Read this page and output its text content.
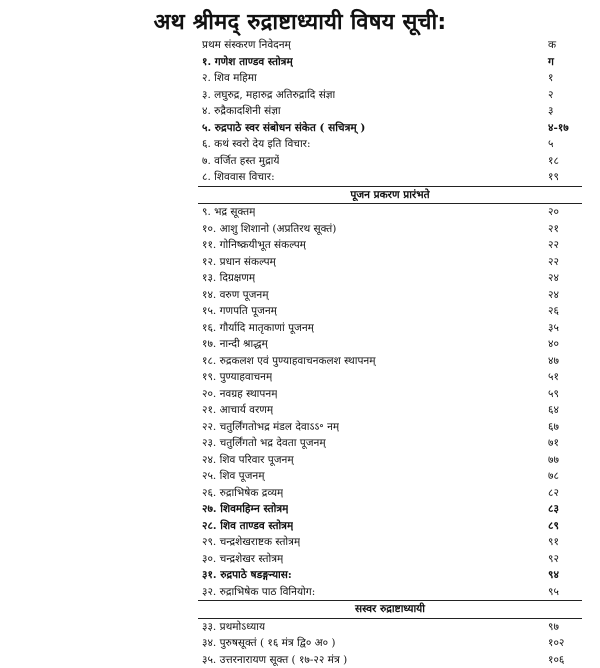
अथ श्रीमद् रुद्राष्टाध्यायी विषय सूची:
प्रथम संस्करण निवेदनम्	क
१. गणेश ताण्डव स्तोत्रम्	ग
२. शिव महिमा	१
३. लघुरुद्र, महारुद्र अतिरुद्रादि संज्ञा	२
४. रुद्रैकादशिनी संज्ञा	३
५. रुद्रपाठे स्वर संबोधन संकेत ( सचित्रम् )	४-१७
६. कथं स्वरो देय इति विचार:	५
७. वर्जित हस्त मुद्रायें	१८
८. शिववास विचार:	१९
पूजन प्रकरण प्रारंभते
९. भद्र सूक्तम्	२०
१०. आशु शिशानो (अप्रतिरथ सूक्तं)	२१
११. गोनिष्क्रयीभूत संकल्पम्	२२
१२. प्रधान संकल्पम्	२२
१३. दिग्रक्षणम्	२४
१४. वरुण पूजनम्	२४
१५. गणपति पूजनम्	२६
१६. गौर्यादि मातृकाणां पूजनम्	३५
१७. नान्दी श्राद्धम्	४०
१८. रुद्रकलश एवं पुण्याहवाचनकलश स्थापनम्	४७
१९. पुण्याहवाचनम्	५१
२०. नवग्रह स्थापनम्	५९
२१. आचार्य वरणम्	६४
२२. चतुर्लिंगतोभद्र मंडल देवाऽऽ॰ नम्	६७
२३. चतुर्लिंगतो भद्र देवता पूजनम्	७१
२४. शिव परिवार पूजनम्	७७
२५. शिव पूजनम्	७८
२६. रुद्राभिषेक द्रव्यम्	८२
२७. शिवमहिम्न स्तोत्रम्	८३
२८. शिव ताण्डव स्तोत्रम्	८९
२९. चन्द्रशेखराष्टक स्तोत्रम्	९१
३०. चन्द्रशेखर स्तोत्रम्	९२
३१. रुद्रपाठे षडङ्गन्यास:	९४
३२. रुद्राभिषेक पाठ विनियोग:	९५
सस्वर रुद्राष्टाध्यायी
३३. प्रथमोऽध्याय	९७
३४. पुरुषसूक्तं ( १६ मंत्र द्वि० अ० )	१०२
३५. उत्तरनारायण सूक्त ( १७-२२ मंत्र )	१०६
